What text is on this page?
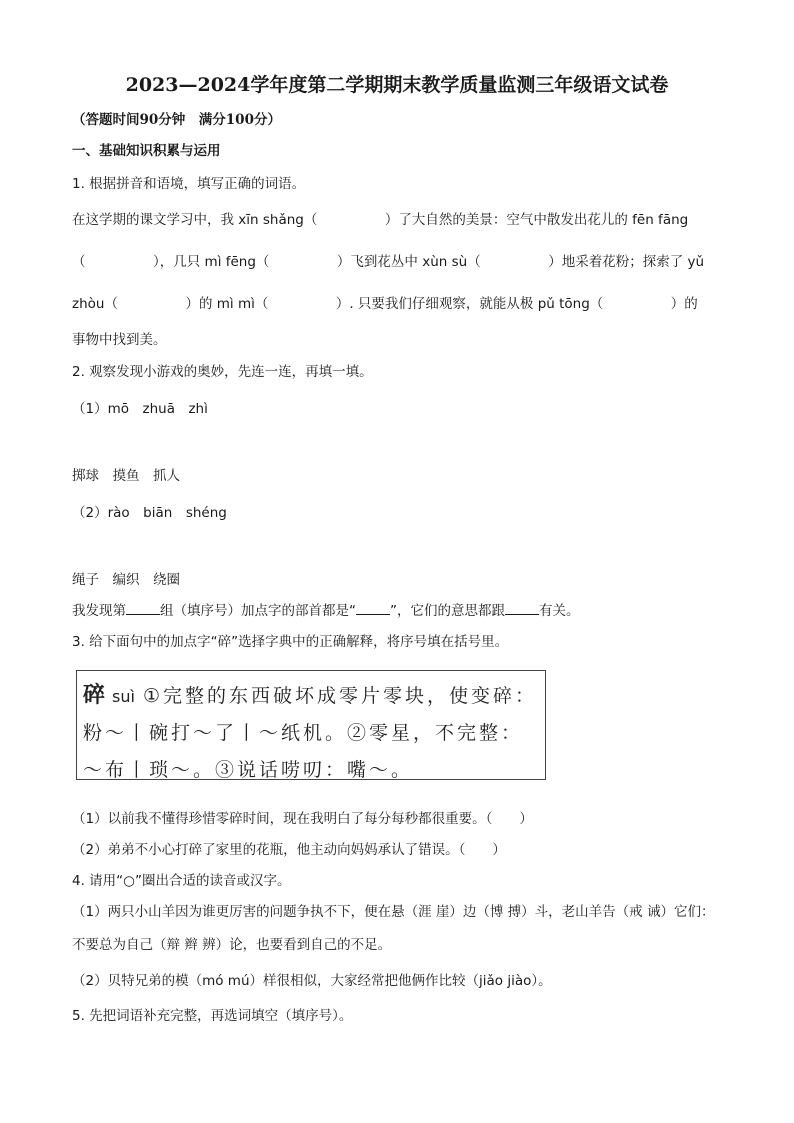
2023—2024学年度第二学期期末教学质量监测三年级语文试卷
（答题时间90分钟　满分100分）
一、基础知识积累与运用
1. 根据拼音和语境，填写正确的词语。
在这学期的课文学习中，我 xīn shǎng（　　　　　）了大自然的美景：空气中散发出花儿的 fēn fāng
（　　　　　），几只 mì fēng（　　　　　）飞到花丛中 xùn sù（　　　　　）地采着花粉；探索了 yǔ
zhòu（　　　　　）的 mì mì（　　　　　）. 只要我们仔细观察，就能从极 pǔ tōng（　　　　　）的
事物中找到美。
2. 观察发现小游戏的奥妙，先连一连，再填一填。
（1）mō　zhuā　zhì
掷球　摸鱼　抓人
（2）rào　biān　shéng
绳子　编织　绕圈
我发现第	组（填序号）加点字的部首都是“	”，它们的意思都跟	有关。
3. 给下面句中的加点字“碎”选择字典中的正确解释，将序号填在括号里。
碎 suì ①完整的东西破坏成零片零块，使变碎：粉～丨碗打～了丨～纸机。②零星，不完整：～布丨琐～。③说话唠叨：嘴～。
（1）以前我不懂得珍惜零碎时间，现在我明白了每分每秒都很重要。（　　）
（2）弟弟不小心打碎了家里的花瓶，他主动向妈妈承认了错误。（　　）
4. 请用“○”圈出合适的读音或汉字。
（1）两只小山羊因为谁更厉害的问题争执不下，便在悬（涯 崖）边（博 搏）斗，老山羊告（戒 诫）它们：
不要总为自己（辩 辫 辨）论，也要看到自己的不足。
（2）贝特兄弟的模（mó mú）样很相似，大家经常把他俩作比较（jiǎo jiào）。
5. 先把词语补充完整，再选词填空（填序号）。
